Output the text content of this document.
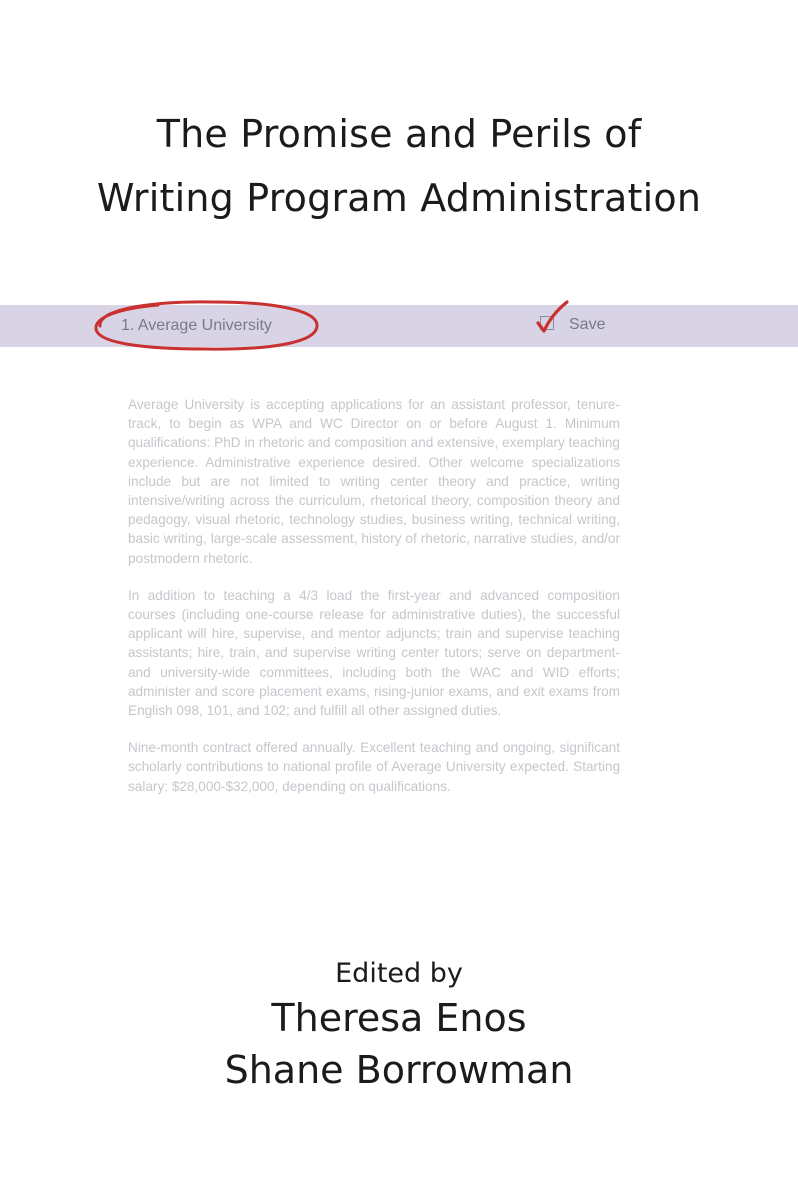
The Promise and Perils of
Writing Program Administration
1. Average University	Save

Average University is accepting applications for an assistant professor, tenure-track, to begin as WPA and WC Director on or before August 1. Minimum qualifications: PhD in rhetoric and composition and extensive, exemplary teaching experience. Administrative experience desired. Other welcome specializations include but are not limited to writing center theory and practice, writing intensive/writing across the curriculum, rhetorical theory, composition theory and pedagogy, visual rhetoric, technology studies, business writing, technical writing, basic writing, large-scale assessment, history of rhetoric, narrative studies, and/or postmodern rhetoric.

In addition to teaching a 4/3 load the first-year and advanced composition courses (including one-course release for administrative duties), the successful applicant will hire, supervise, and mentor adjuncts; train and supervise teaching assistants; hire, train, and supervise writing center tutors; serve on department- and university-wide committees, including both the WAC and WID efforts; administer and score placement exams, rising-junior exams, and exit exams from English 098, 101, and 102; and fulfill all other assigned duties.

Nine-month contract offered annually. Excellent teaching and ongoing, significant scholarly contributions to national profile of Average University expected. Starting salary: $28,000-$32,000, depending on qualifications.

Edited by
Theresa Enos
Shane Borrowman
